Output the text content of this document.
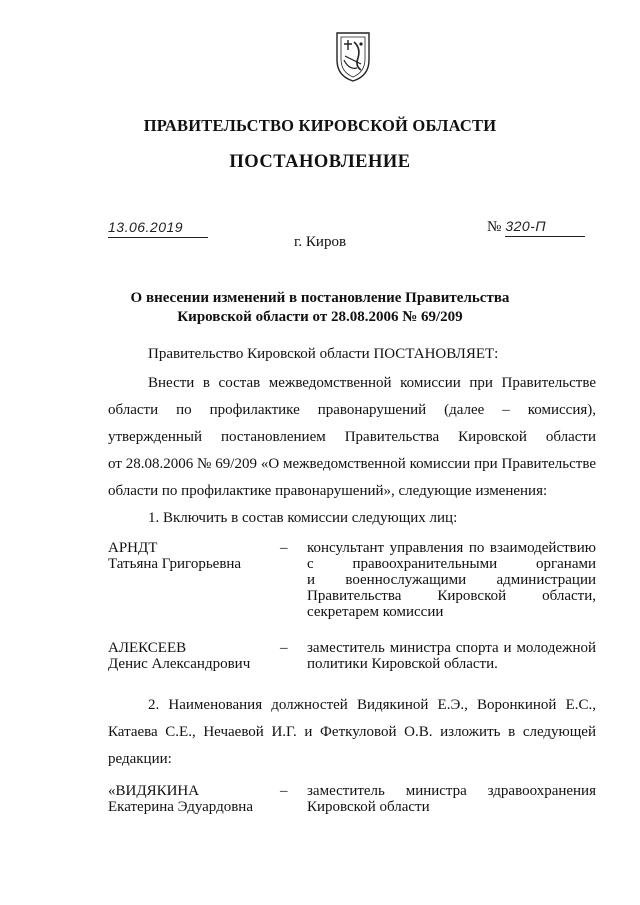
ПРАВИТЕЛЬСТВО КИРОВСКОЙ ОБЛАСТИ
ПОСТАНОВЛЕНИЕ
13.06.2019	№ 320-П
г. Киров
О внесении изменений в постановление Правительства
Кировской области от 28.08.2006 № 69/209
Правительство Кировской области ПОСТАНОВЛЯЕТ:
Внести в состав межведомственной комиссии при Правительстве
области по профилактике правонарушений (далее – комиссия),
утвержденный постановлением Правительства Кировской области
от 28.08.2006 № 69/209 «О межведомственной комиссии при Правительстве
области по профилактике правонарушений», следующие изменения:
1. Включить в состав комиссии следующих лиц:
АРНДТ
Татьяна Григорьевна
– консультант управления по взаимодействию
с правоохранительными органами
и военнослужащими администрации
Правительства Кировской области,
секретарем комиссии
АЛЕКСЕЕВ
Денис Александрович
– заместитель министра спорта и молодежной
политики Кировской области.
2. Наименования должностей Видякиной Е.Э., Воронкиной Е.С.,
Катаева С.Е., Нечаевой И.Г. и Феткуловой О.В. изложить в следующей
редакции:
«ВИДЯКИНА
Екатерина Эдуардовна
– заместитель министра здравоохранения
Кировской области
